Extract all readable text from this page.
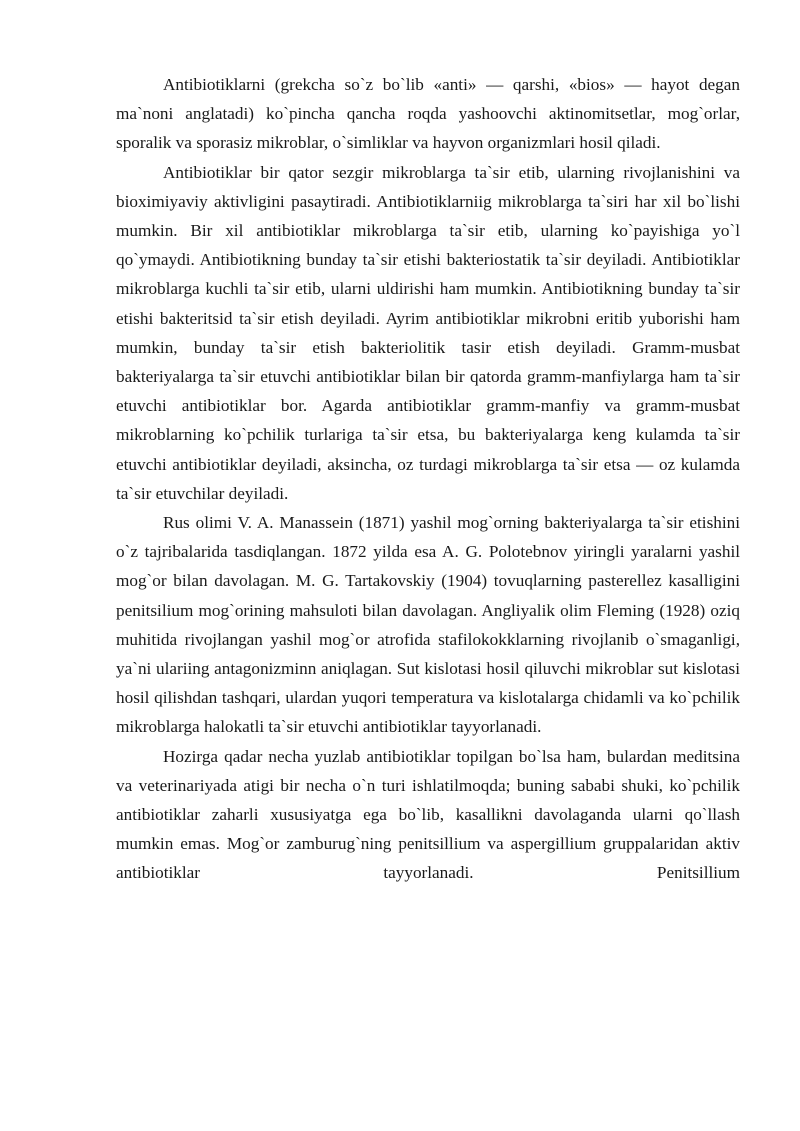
Antibiotiklarni (grekcha so`z bo`lib «anti» — qarshi, «bios» — hayot degan ma`noni anglatadi) ko`pincha qancha roqda yashoovchi aktinomitsetlar, mog`orlar, sporalik va sporasiz mikroblar, o`simliklar va hayvon organizmlari hosil qiladi.

Antibiotiklar bir qator sezgir mikroblarga ta`sir etib, ularning rivojlanishini va bioximiyaviy aktivligini pasaytiradi. Antibiotiklarniig mikroblarga ta`siri har xil bo`lishi mumkin. Bir xil antibiotiklar mikroblarga ta`sir etib, ularning ko`payishiga yo`l qo`ymaydi. Antibiotikning bunday ta`sir etishi bakteriostatik ta`sir deyiladi. Antibiotiklar mikroblarga kuchli ta`sir etib, ularni uldirishi ham mumkin. Antibiotikning bunday ta`sir etishi bakteritsid ta`sir etish deyiladi. Ayrim antibiotiklar mikrobni eritib yuborishi ham mumkin, bunday ta`sir etish bakteriolitik tasir etish deyiladi. Gramm-musbat bakteriyalarga ta`sir etuvchi antibiotiklar bilan bir qatorda gramm-manfiylarga ham ta`sir etuvchi antibiotiklar bor. Agarda antibiotiklar gramm-manfiy va gramm-musbat mikroblarning ko`pchilik turlariga ta`sir etsa, bu bakteriyalarga keng kulamda ta`sir etuvchi antibiotiklar deyiladi, aksincha, oz turdagi mikroblarga ta`sir etsa — oz kulamda ta`sir etuvchilar deyiladi.

Rus olimi V. A. Manassein (1871) yashil mog`orning bakteriyalarga ta`sir etishini o`z tajribalarida tasdiqlangan. 1872 yilda esa A. G. Polotebnov yiringli yaralarni yashil mog`or bilan davolagan. M. G. Tartakovskiy (1904) tovuqlarning pasterellez kasalligini penitsilium mog`orining mahsuloti bilan davolagan. Angliyalik olim Fleming (1928) oziq muhitida rivojlangan yashil mog`or atrofida stafilokokklarning rivojlanib o`smaganligi, ya`ni ulariing antagonizminn aniqlagan. Sut kislotasi hosil qiluvchi mikroblar sut kislotasi hosil qilishdan tashqari, ulardan yuqori temperatura va kislotalarga chidamli va ko`pchilik mikroblarga halokatli ta`sir etuvchi antibiotiklar tayyorlanadi.

Hozirga qadar necha yuzlab antibiotiklar topilgan bo`lsa ham, bulardan meditsina va veterinariyada atigi bir necha o`n turi ishlatilmoqda; buning sababi shuki, ko`pchilik antibiotiklar zaharli xususiyatga ega bo`lib, kasallikni davolaganda ularni qo`llash mumkin emas. Mog`or zamburug`ning penitsillium va aspergillium gruppalaridan aktiv antibiotiklar tayyorlanadi. Penitsillium
